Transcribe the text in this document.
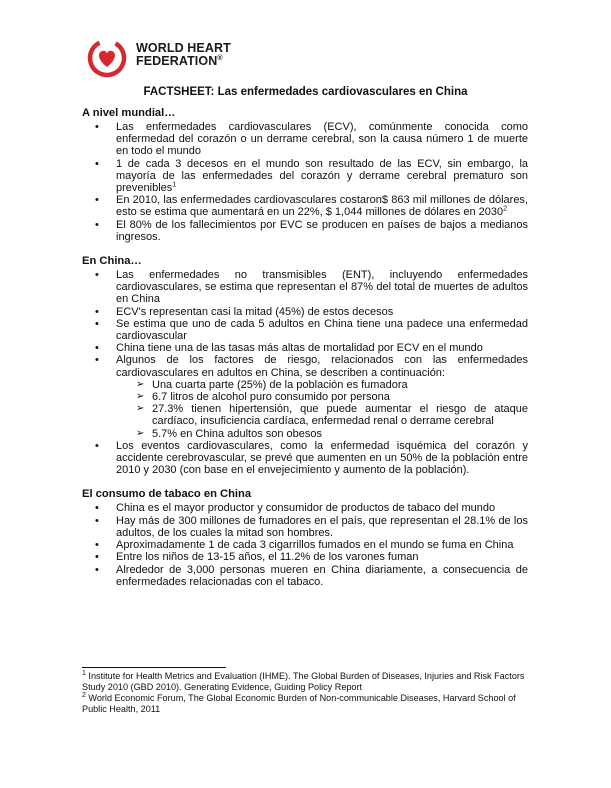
WORLD HEART
FEDERATION®
FACTSHEET: Las enfermedades cardiovasculares en China
A nivel mundial…
• Las enfermedades cardiovasculares (ECV), comúnmente conocida como enfermedad del corazón o un derrame cerebral, son la causa número 1 de muerte en todo el mundo
• 1 de cada 3 decesos en el mundo son resultado de las ECV, sin embargo, la mayoría de las enfermedades del corazón y derrame cerebral prematuro son prevenibles$^1$
• En 2010, las enfermedades cardiovasculares costaron$ 863 mil millones de dólares, esto se estima que aumentará en un 22%, $ 1,044 millones de dólares en 2030$^2$
• El 80% de los fallecimientos por EVC se producen en países de bajos a medianos ingresos.
En China…
• Las enfermedades no transmisibles (ENT), incluyendo enfermedades cardiovasculares, se estima que representan el 87% del total de muertes de adultos en China
• ECV's representan casi la mitad (45%) de estos decesos
• Se estima que uno de cada 5 adultos en China tiene una padece una enfermedad cardiovascular
• China tiene una de las tasas más altas de mortalidad por ECV en el mundo
• Algunos de los factores de riesgo, relacionados con las enfermedades cardiovasculares en adultos en China, se describen a continuación:
➢ Una cuarta parte (25%) de la población es fumadora
➢ 6.7 litros de alcohol puro consumido por persona
➢ 27.3% tienen hipertensión, que puede aumentar el riesgo de ataque cardíaco, insuficiencia cardíaca, enfermedad renal o derrame cerebral
➢ 5.7% en China adultos son obesos
• Los eventos cardiovasculares, como la enfermedad isquémica del corazón y accidente cerebrovascular, se prevé que aumenten en un 50% de la población entre 2010 y 2030 (con base en el envejecimiento y aumento de la población).
El consumo de tabaco en China
• China es el mayor productor y consumidor de productos de tabaco del mundo
• Hay más de 300 millones de fumadores en el país, que representan el 28.1% de los adultos, de los cuales la mitad son hombres.
• Aproximadamente 1 de cada 3 cigarrillos fumados en el mundo se fuma en China
• Entre los niños de 13-15 años, el 11.2% de los varones fuman
• Alrededor de 3,000 personas mueren en China diariamente, a consecuencia de enfermedades relacionadas con el tabaco.

$^1$ Institute for Health Metrics and Evaluation (IHME). The Global Burden of Diseases, Injuries and Risk Factors Study 2010 (GBD 2010). Generating Evidence, Guiding Policy Report

$^2$ World Economic Forum, The Global Economic Burden of Non-communicable Diseases, Harvard School of Public Health, 2011
